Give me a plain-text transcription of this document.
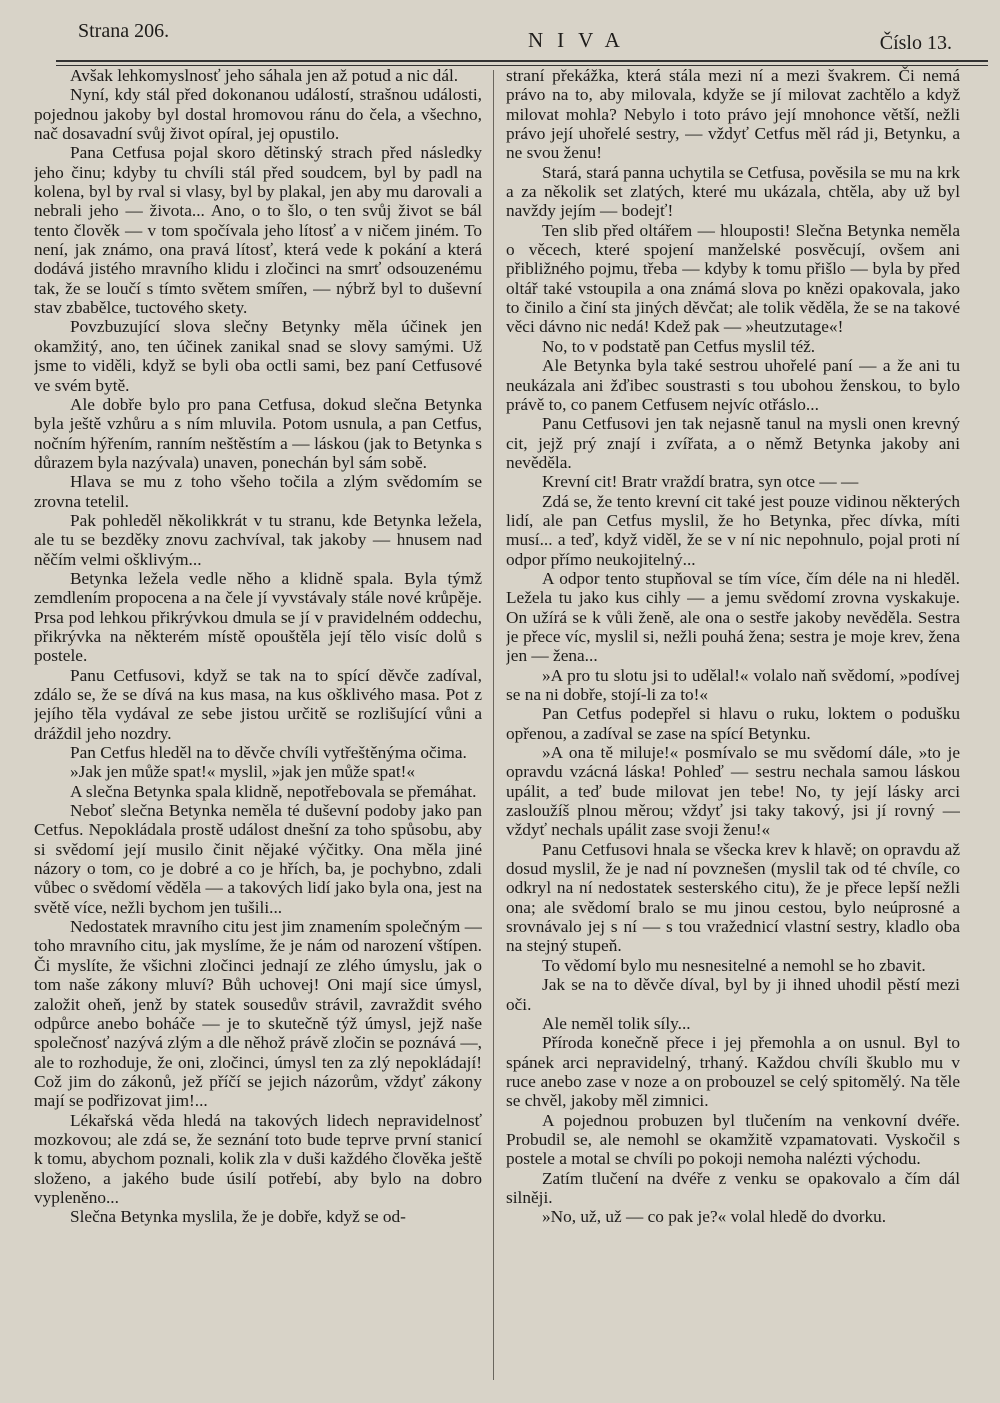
Strana 206.	NIVA	Číslo 13.

Avšak lehkomyslnosť jeho sáhala jen až potud a nic dál.

Nyní, kdy stál před dokonanou událostí, strašnou události, pojednou jakoby byl dostal hromovou ránu do čela, a všechno, nač dosavadní svůj život opíral, jej opustilo.

Pana Cetfusa pojal skoro dětinský strach před následky jeho činu; kdyby tu chvíli stál před soudcem, byl by padl na kolena, byl by rval si vlasy, byl by plakal, jen aby mu darovali a nebrali jeho — života... Ano, o to šlo, o ten svůj život se bál tento člověk — v tom spočívala jeho lítosť a v ničem jiném. To není, jak známo, ona pravá lítosť, která vede k pokání a která dodává jistého mravního klidu i zločinci na smrť odsouzenému tak, že se loučí s tímto světem smířen, — nýbrž byl to duševní stav zbabělce, tuctového skety.

Povzbuzující slova slečny Betynky měla účinek jen okamžitý, ano, ten účinek zanikal snad se slovy samými. Už jsme to viděli, když se byli oba octli sami, bez paní Cetfusové ve svém bytě.

Ale dobře bylo pro pana Cetfusa, dokud slečna Betynka byla ještě vzhůru a s ním mluvila. Potom usnula, a pan Cetfus, nočním hýřením, ranním neštěstím a — láskou (jak to Betynka s důrazem byla nazývala) unaven, ponechán byl sám sobě.

Hlava se mu z toho všeho točila a zlým svědomím se zrovna tetelil.

Pak pohleděl několikkrát v tu stranu, kde Betynka ležela, ale tu se bezděky znovu zachvíval, tak jakoby — hnusem nad něčím velmi ošklivým...

Betynka ležela vedle něho a klidně spala. Byla týmž zemdlením propocena a na čele jí vyvstávaly stále nové krůpěje. Prsa pod lehkou přikrývkou dmula se jí v pravidelném oddechu, přikrývka na některém místě opouštěla její tělo visíc dolů s postele.

Panu Cetfusovi, když se tak na to spící děvče zadíval, zdálo se, že se dívá na kus masa, na kus ošklivého masa. Pot z jejího těla vydával ze sebe jistou určitě se rozlišující vůni a dráždil jeho nozdry.

Pan Cetfus hleděl na to děvče chvíli vytřeštěnýma očima.

»Jak jen může spat!« myslil, »jak jen může spat!«

A slečna Betynka spala klidně, nepotřebovala se přemáhat.

Neboť slečna Betynka neměla té duševní podoby jako pan Cetfus. Nepokládala prostě událost dnešní za toho spůsobu, aby si svědomí její musilo činit nějaké výčitky. Ona měla jiné názory o tom, co je dobré a co je hřích, ba, je pochybno, zdali vůbec o svědomí věděla — a takových lidí jako byla ona, jest na světě více, nežli bychom jen tušili...

Nedostatek mravního citu jest jim znamením společným — toho mravního citu, jak myslíme, že je nám od narození vštípen. Či myslíte, že všichni zločinci jednají ze zlého úmyslu, jak o tom naše zákony mluví? Bůh uchovej! Oni mají sice úmysl, založit oheň, jenž by statek sousedův strávil, zavraždit svého odpůrce anebo boháče — je to skutečně týž úmysl, jejž naše společnosť nazývá zlým a dle něhož právě zločin se poznává —, ale to rozhoduje, že oni, zločinci, úmysl ten za zlý nepokládají! Což jim do zákonů, jež příčí se jejich názorům, vždyť zákony mají se podřizovat jim!...

Lékařská věda hledá na takových lidech nepravidelnosť mozkovou; ale zdá se, že seznání toto bude teprve první stanicí k tomu, abychom poznali, kolik zla v duši každého člověka ještě složeno, a jakého bude úsilí potřebí, aby bylo na dobro vypleněno...

Slečna Betynka myslila, že je dobře, když se od-

straní překážka, která stála mezi ní a mezi švakrem. Či nemá právo na to, aby milovala, kdyže se jí milovat zachtělo a když milovat mohla? Nebylo i toto právo její mnohonce větší, nežli právo její uhořelé sestry, — vždyť Cetfus měl rád ji, Betynku, a ne svou ženu!

Stará, stará panna uchytila se Cetfusa, pověsila se mu na krk a za několik set zlatých, které mu ukázala, chtěla, aby už byl navždy jejím — bodejť!

Ten slib před oltářem — hlouposti! Slečna Betynka neměla o věcech, které spojení manželské posvěcují, ovšem ani přibližného pojmu, třeba — kdyby k tomu přišlo — byla by před oltář také vstoupila a ona známá slova po knězi opakovala, jako to činilo a činí sta jiných děvčat; ale tolik věděla, že se na takové věci dávno nic nedá! Kdež pak — »heutzutage«!

No, to v podstatě pan Cetfus myslil též.

Ale Betynka byla také sestrou uhořelé paní — a že ani tu neukázala ani žďibec soustrasti s tou ubohou ženskou, to bylo právě to, co panem Cetfusem nejvíc otřáslo...

Panu Cetfusovi jen tak nejasně tanul na mysli onen krevný cit, jejž prý znají i zvířata, a o němž Betynka jakoby ani nevěděla.

Krevní cit! Bratr vraždí bratra, syn otce — —

Zdá se, že tento krevní cit také jest pouze vidinou některých lidí, ale pan Cetfus myslil, že ho Betynka, přec dívka, míti musí... a teď, když viděl, že se v ní nic nepohnulo, pojal proti ní odpor přímo neukojitelný...

A odpor tento stupňoval se tím více, čím déle na ni hleděl. Ležela tu jako kus cihly — a jemu svědomí zrovna vyskakuje. On užírá se k vůli ženě, ale ona o sestře jakoby nevěděla. Sestra je přece víc, myslil si, nežli pouhá žena; sestra je moje krev, žena jen — žena...

»A pro tu slotu jsi to udělal!« volalo naň svědomí, »podívej se na ni dobře, stojí-li za to!«

Pan Cetfus podepřel si hlavu o ruku, loktem o podušku opřenou, a zadíval se zase na spící Betynku.

»A ona tě miluje!« posmívalo se mu svědomí dále, »to je opravdu vzácná láska! Pohleď — sestru nechala samou láskou upálit, a teď bude milovat jen tebe! No, ty její lásky arci zasloužíš plnou měrou; vždyť jsi taky takový, jsi jí rovný — vždyť nechals upálit zase svoji ženu!«

Panu Cetfusovi hnala se všecka krev k hlavě; on opravdu až dosud myslil, že je nad ní povznešen (myslil tak od té chvíle, co odkryl na ní nedostatek sesterského citu), že je přece lepší nežli ona; ale svědomí bralo se mu jinou cestou, bylo neúprosné a srovnávalo jej s ní — s tou vražednicí vlastní sestry, kladlo oba na stejný stupeň.

To vědomí bylo mu nesnesitelné a nemohl se ho zbavit.

Jak se na to děvče díval, byl by ji ihned uhodil pěstí mezi oči.

Ale neměl tolik síly...

Příroda konečně přece i jej přemohla a on usnul. Byl to spánek arci nepravidelný, trhaný. Každou chvíli škublo mu v ruce anebo zase v noze a on probouzel se celý spitomělý. Na těle se chvěl, jakoby měl zimnici.

A pojednou probuzen byl tlučením na venkovní dvéře. Probudil se, ale nemohl se okamžitě vzpamatovati. Vyskočil s postele a motal se chvíli po pokoji nemoha nalézti východu.

Zatím tlučení na dvéře z venku se opakovalo a čím dál silněji.

»No, už, už — co pak je?« volal hledě do dvorku.
